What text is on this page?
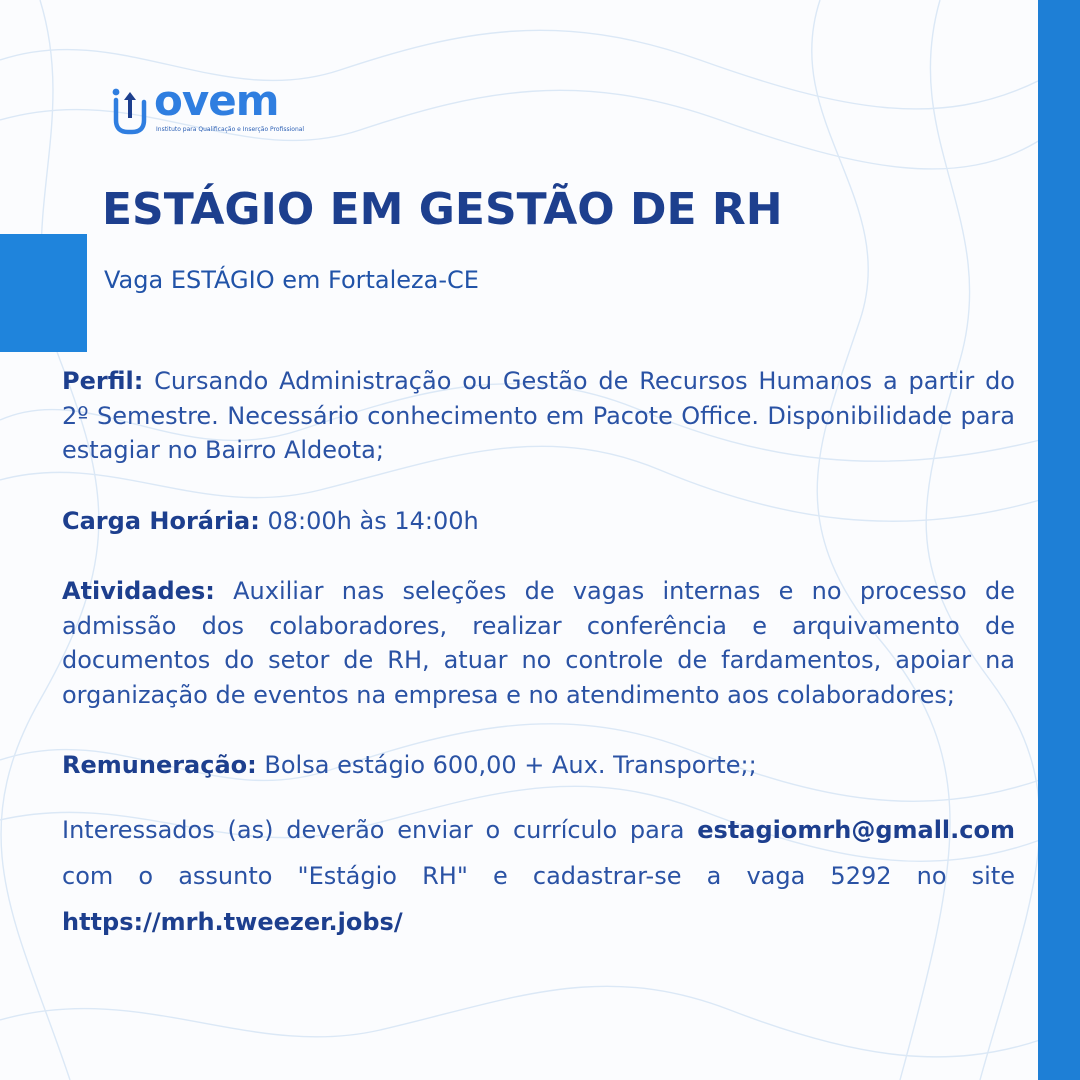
ovem
Instituto para Qualificação e Inserção Profissional
ESTÁGIO EM GESTÃO DE RH

Vaga ESTÁGIO em Fortaleza-CE

Perfil: Cursando Administração ou Gestão de Recursos Humanos a partir do 2º Semestre. Necessário conhecimento em Pacote Office. Disponibilidade para estagiar no Bairro Aldeota;

Carga Horária: 08:00h às 14:00h

Atividades: Auxiliar nas seleções de vagas internas e no processo de admissão dos colaboradores, realizar conferência e arquivamento de documentos do setor de RH, atuar no controle de fardamentos, apoiar na organização de eventos na empresa e no atendimento aos colaboradores;

Remuneração: Bolsa estágio 600,00 + Aux. Transporte;;

Interessados (as) deverão enviar o currículo para estagiomrh@gmall.com com o assunto "Estágio RH" e cadastrar-se a vaga 5292 no site https://mrh.tweezer.jobs/
